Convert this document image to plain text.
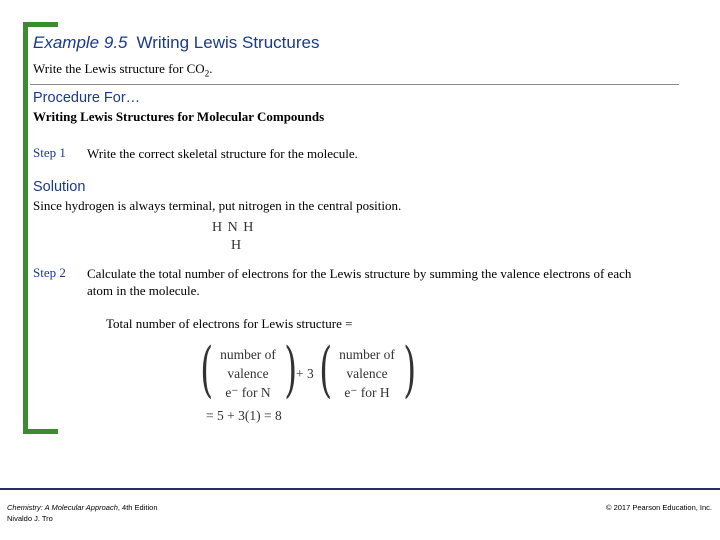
Example 9.5 Writing Lewis Structures
Write the Lewis structure for $CO_2$.
Procedure For…
Writing Lewis Structures for Molecular Compounds
Step 1 Write the correct skeletal structure for the molecule.
Solution
Since hydrogen is always terminal, put nitrogen in the central position.
H N H
H
Step 2 Calculate the total number of electrons for the Lewis structure by summing the valence electrons of each
atom in the molecule.
Total number of electrons for Lewis structure =
( number of
valence
e⁻ for N )
+ 3 ( number of
valence
e⁻ for H )
= 5 + 3(1) = 8
Chemistry: A Molecular Approach, 4th Edition
Nivaldo J. Tro
© 2017 Pearson Education, Inc.
